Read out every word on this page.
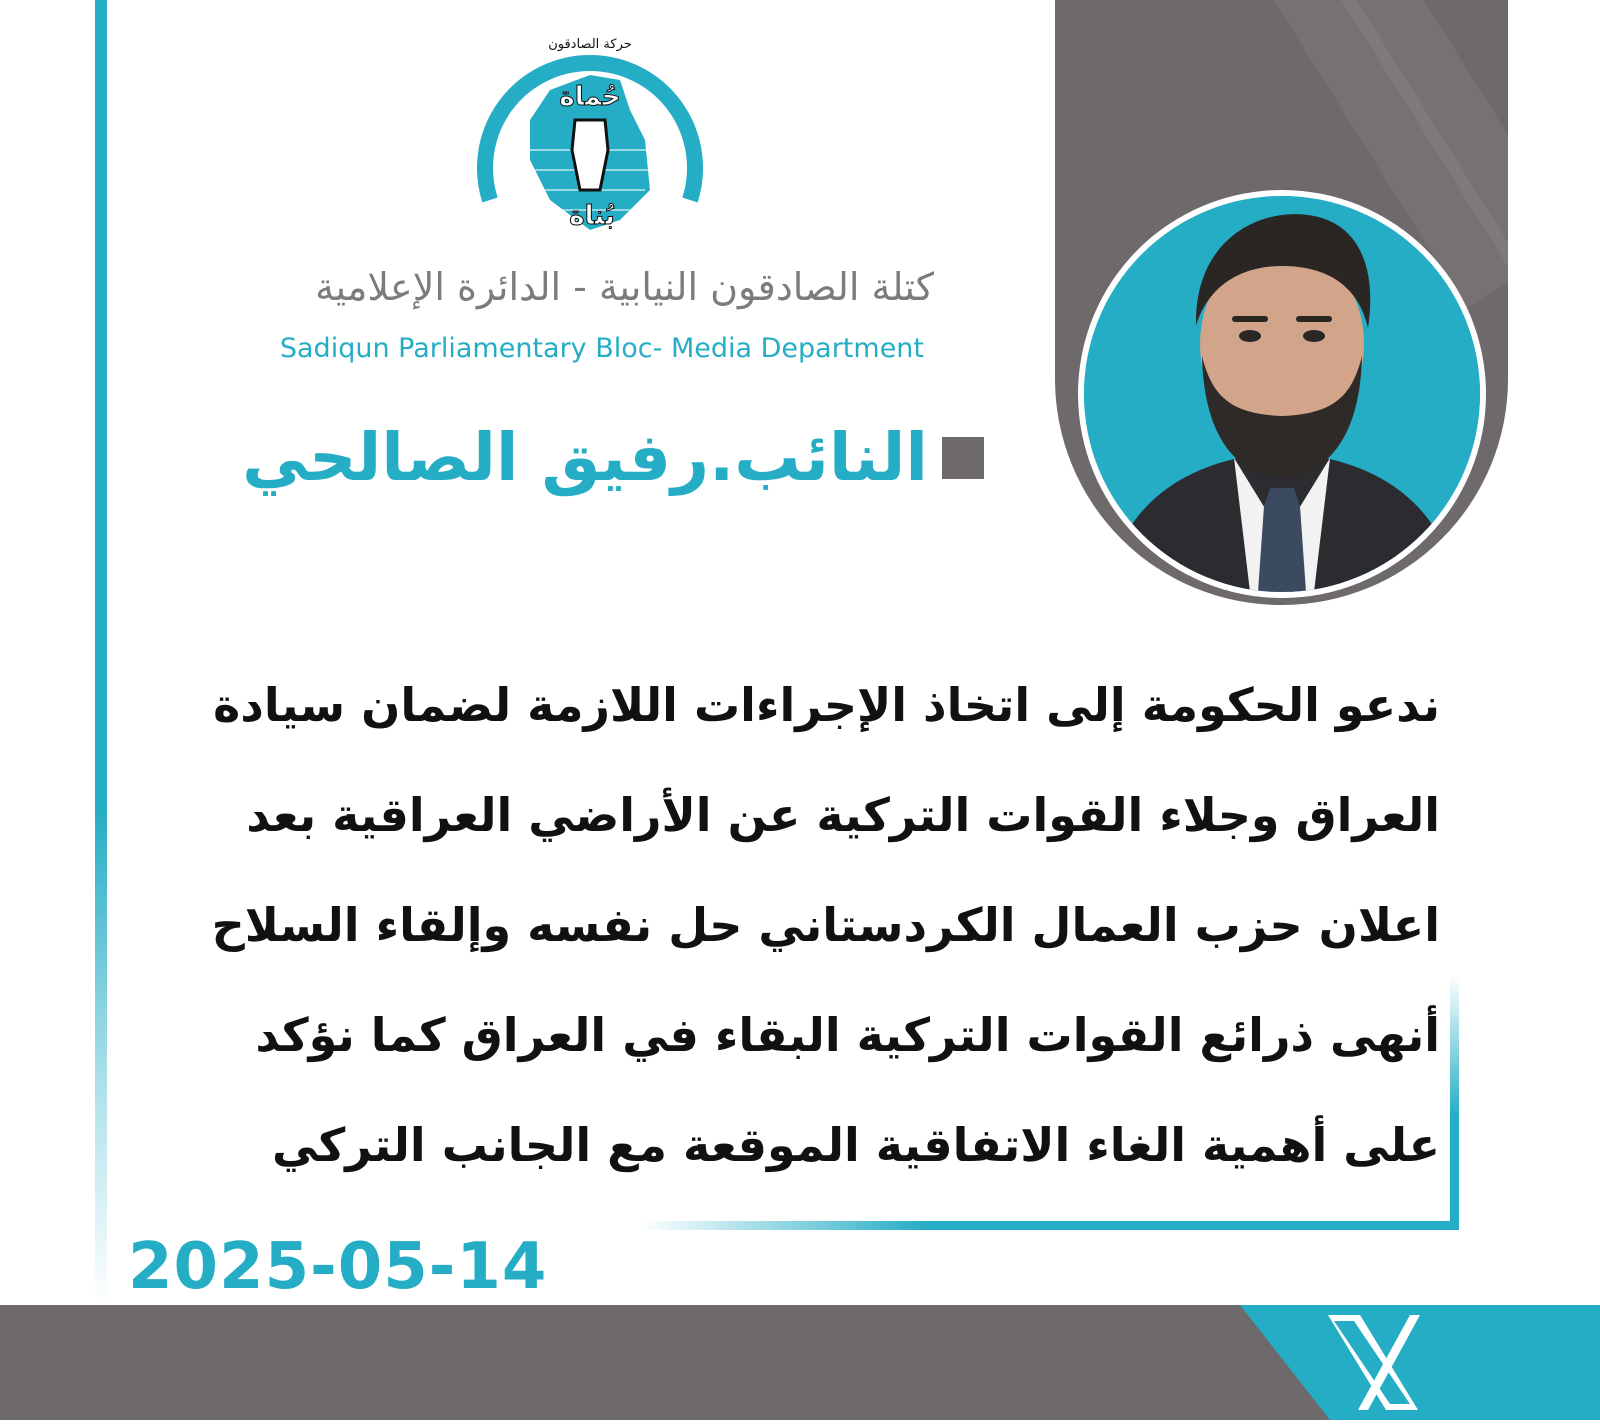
حُماة
بُناة
حركة الصادقون
كتلة الصادقون النيابية - الدائرة الإعلامية
Sadiqun Parliamentary Bloc- Media Department
النائب.رفيق الصالحي
ندعو الحكومة إلى اتخاذ الإجراءات اللازمة لضمان سيادة
العراق وجلاء القوات التركية عن الأراضي العراقية بعد
اعلان حزب العمال الكردستاني حل نفسه وإلقاء السلاح
أنهى ذرائع القوات التركية البقاء في العراق كما نؤكد
على أهمية الغاء الاتفاقية الموقعة مع الجانب التركي
2025-05-14
